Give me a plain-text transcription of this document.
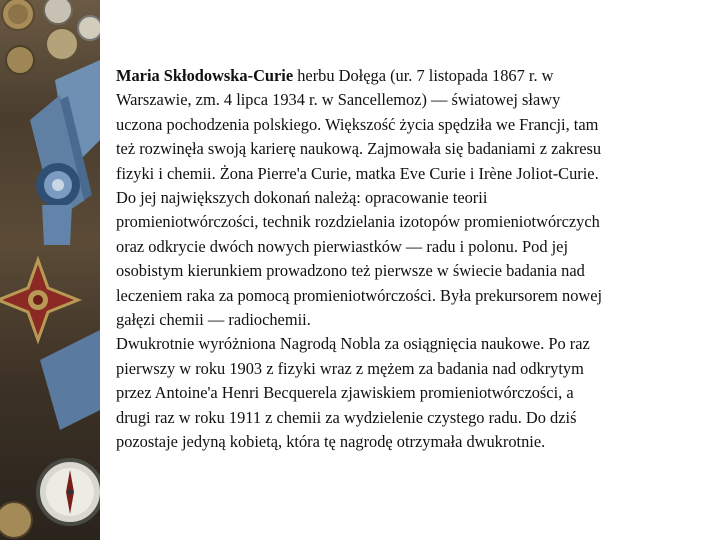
Maria Skłodowska-Curie herbu Dołęga (ur. 7 listopada 1867 r. w
Warszawie, zm. 4 lipca 1934 r. w Sancellemoz) — światowej sławy
uczona pochodzenia polskiego. Większość życia spędziła we Francji, tam
też rozwinęła swoją karierę naukową. Zajmowała się badaniami z zakresu
fizyki i chemii. Żona Pierre'a Curie, matka Eve Curie i Irène Joliot-Curie.
Do jej największych dokonań należą: opracowanie teorii
promieniotwórczości, technik rozdzielania izotopów promieniotwórczych
oraz odkrycie dwóch nowych pierwiastków — radu i polonu. Pod jej
osobistym kierunkiem prowadzono też pierwsze w świecie badania nad
leczeniem raka za pomocą promieniotwórczości. Była prekursorem nowej
gałęzi chemii — radiochemii.
Dwukrotnie wyróżniona Nagrodą Nobla za osiągnięcia naukowe. Po raz
pierwszy w roku 1903 z fizyki wraz z mężem za badania nad odkrytym
przez Antoine'a Henri Becquerela zjawiskiem promieniotwórczości, a
drugi raz w roku 1911 z chemii za wydzielenie czystego radu. Do dziś
pozostaje jedyną kobietą, która tę nagrodę otrzymała dwukrotnie.
